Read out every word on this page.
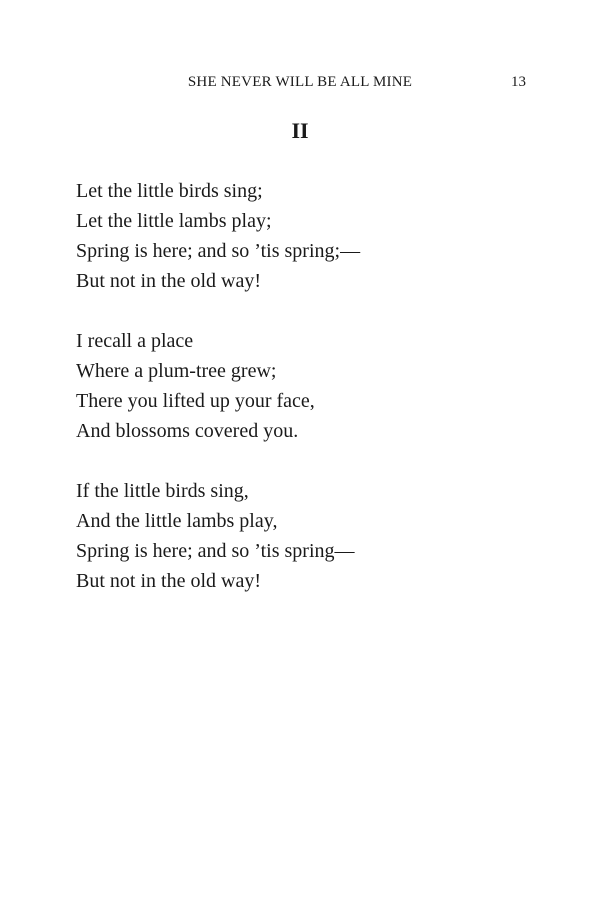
SHE NEVER WILL BE ALL MINE	13
II
Let the little birds sing;
Let the little lambs play;
Spring is here; and so ’tis spring;—
But not in the old way!
I recall a place
Where a plum-tree grew;
There you lifted up your face,
And blossoms covered you.
If the little birds sing,
And the little lambs play,
Spring is here; and so ’tis spring—
But not in the old way!
